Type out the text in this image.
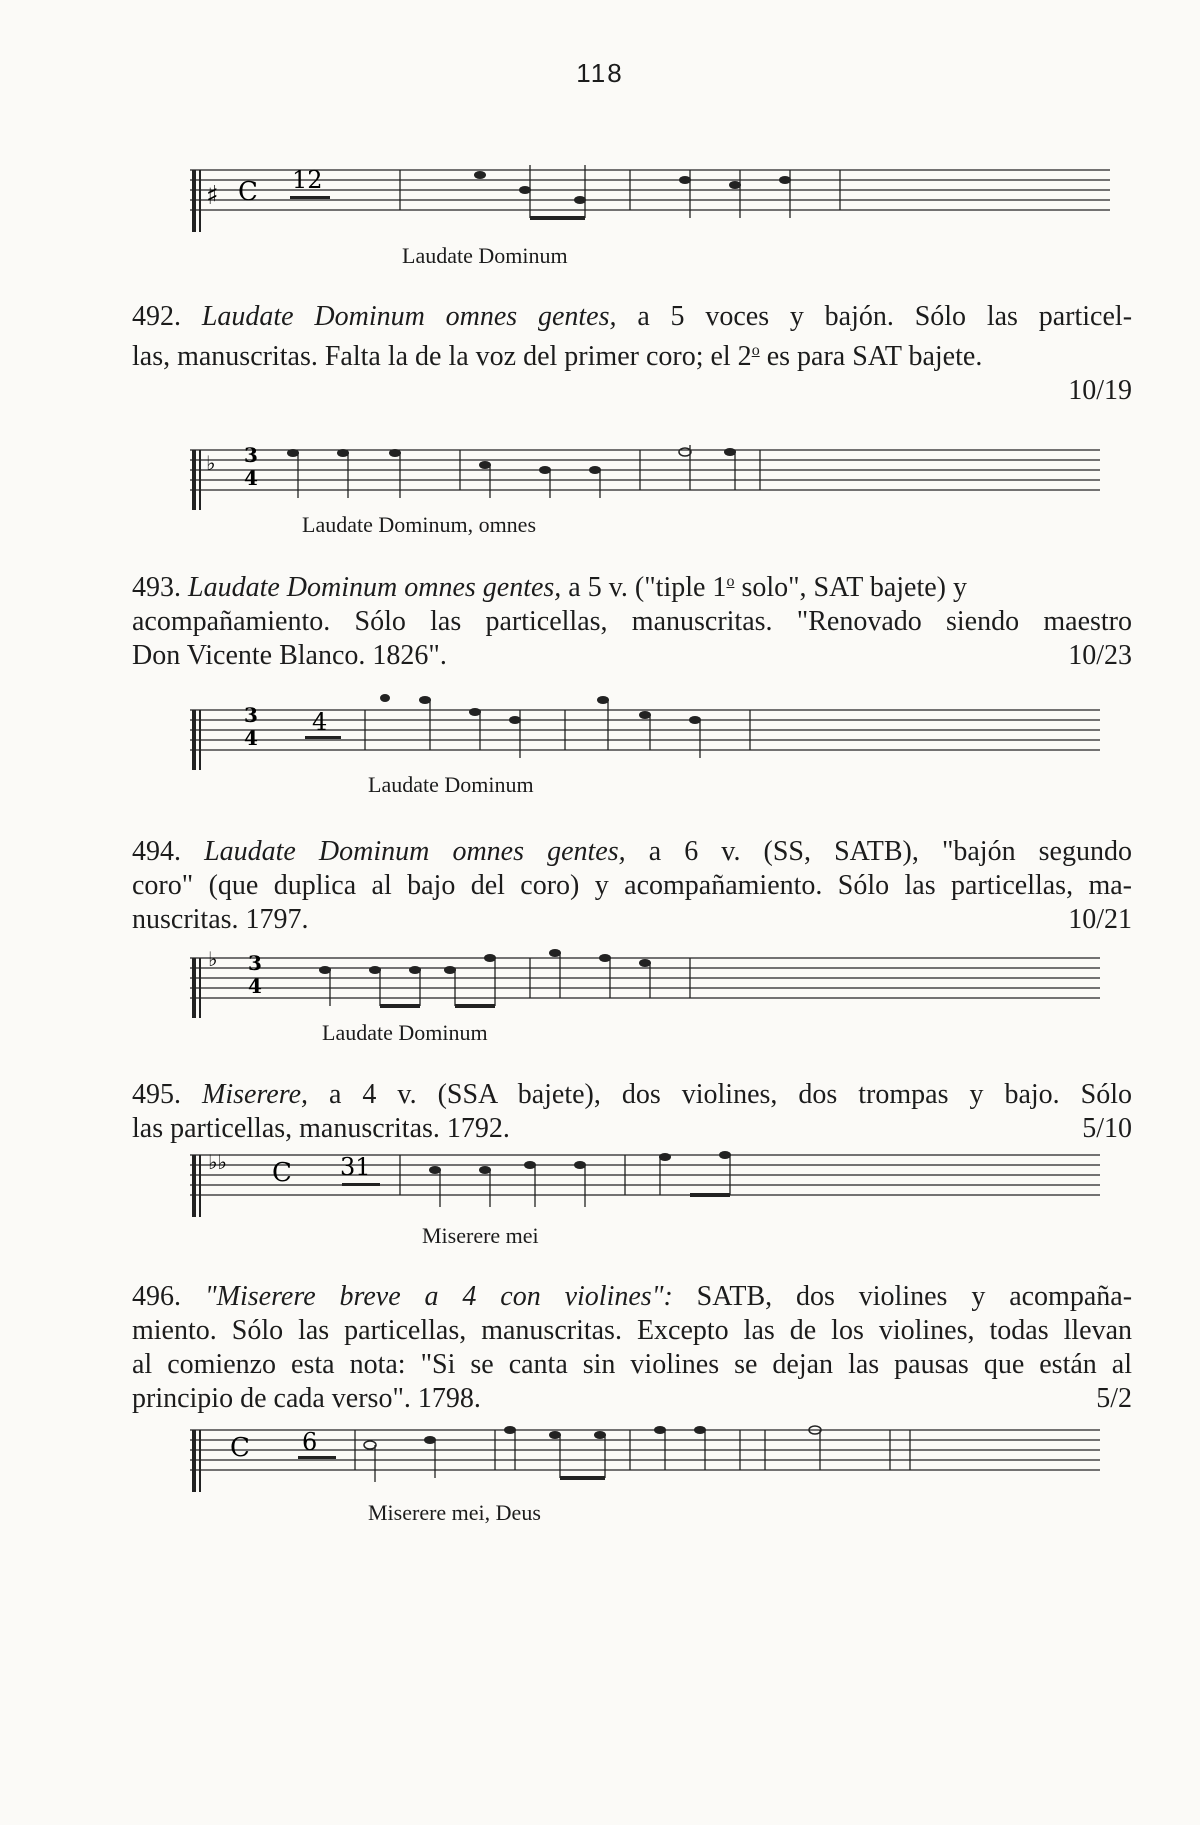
118
♯ C 12
Laudate Dominum
492. Laudate Dominum omnes gentes, a 5 voces y bajón. Sólo las particel-
las, manuscritas. Falta la de la voz del primer coro; el 2$^o$ es para SAT bajete.
10/19

♭ 3
4
Laudate Dominum, omnes
493. Laudate Dominum omnes gentes, a 5 v. ("tiple 1$^o$ solo", SAT bajete) y
acompañamiento. Sólo las particellas, manuscritas. "Renovado siendo maestro
Don Vicente Blanco. 1826".	10/23
3
4
4
Laudate Dominum
494. Laudate Dominum omnes gentes, a 6 v. (SS, SATB), "bajón segundo
coro" (que duplica al bajo del coro) y acompañamiento. Sólo las particellas, ma-
nuscritas. 1797.	10/21
♭ 3
4
Laudate Dominum
495. Miserere, a 4 v. (SSA bajete), dos violines, dos trompas y bajo. Sólo
las particellas, manuscritas. 1792.	5/10
♭♭ C 31
Miserere mei
496. "Miserere breve a 4 con violines": SATB, dos violines y acompaña-
miento. Sólo las particellas, manuscritas. Excepto las de los violines, todas llevan
al comienzo esta nota: "Si se canta sin violines se dejan las pausas que están al
principio de cada verso". 1798.	5/2
C 6
Miserere mei, Deus
